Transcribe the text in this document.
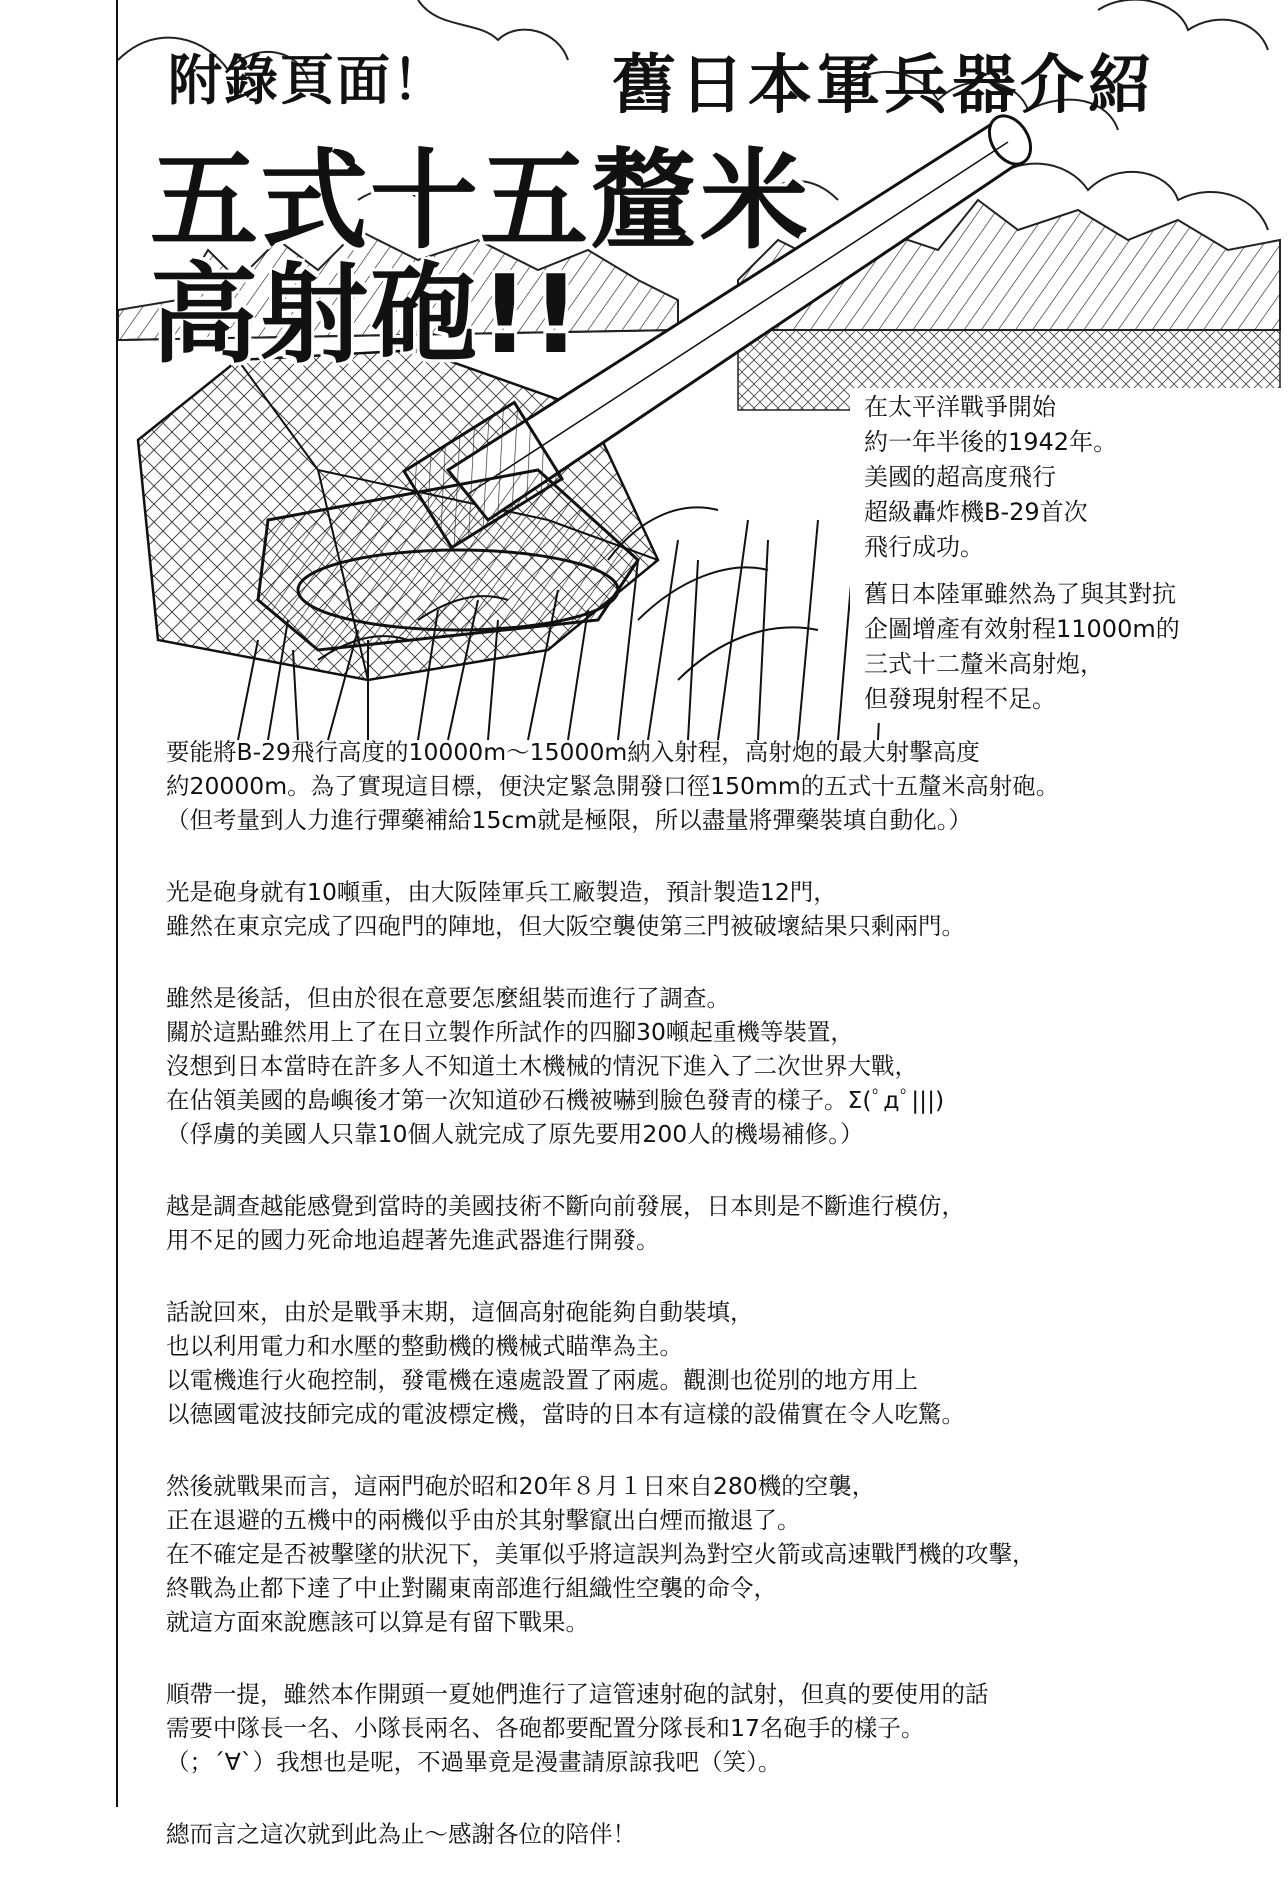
附錄頁面！	舊日本軍兵器介紹
五式十五釐米
高射砲!!
在太平洋戰爭開始
約一年半後的1942年。
美國的超高度飛行
超級轟炸機B-29首次
飛行成功。
舊日本陸軍雖然為了與其對抗
企圖增產有效射程11000m的
三式十二釐米高射炮，
但發現射程不足。
要能將B-29飛行高度的10000m～15000m納入射程，高射炮的最大射擊高度
約20000m。為了實現這目標，便決定緊急開發口徑150mm的五式十五釐米高射砲。
（但考量到人力進行彈藥補給15cm就是極限，所以盡量將彈藥裝填自動化。）
光是砲身就有10噸重，由大阪陸軍兵工廠製造，預計製造12門，
雖然在東京完成了四砲門的陣地，但大阪空襲使第三門被破壞結果只剩兩門。
雖然是後話，但由於很在意要怎麼組裝而進行了調查。
關於這點雖然用上了在日立製作所試作的四腳30噸起重機等裝置，
沒想到日本當時在許多人不知道土木機械的情況下進入了二次世界大戰，
在佔領美國的島嶼後才第一次知道砂石機被嚇到臉色發青的樣子。Σ(ﾟдﾟ|||)
（俘虜的美國人只靠10個人就完成了原先要用200人的機場補修。）
越是調查越能感覺到當時的美國技術不斷向前發展，日本則是不斷進行模仿，
用不足的國力死命地追趕著先進武器進行開發。
話說回來，由於是戰爭末期，這個高射砲能夠自動裝填，
也以利用電力和水壓的整動機的機械式瞄準為主。
以電機進行火砲控制，發電機在遠處設置了兩處。觀測也從別的地方用上
以德國電波技師完成的電波標定機，當時的日本有這樣的設備實在令人吃驚。
然後就戰果而言，這兩門砲於昭和20年８月１日來自280機的空襲，
正在退避的五機中的兩機似乎由於其射擊竄出白煙而撤退了。
在不確定是否被擊墜的狀況下，美軍似乎將這誤判為對空火箭或高速戰鬥機的攻擊，
終戰為止都下達了中止對關東南部進行組織性空襲的命令，
就這方面來說應該可以算是有留下戰果。
順帶一提，雖然本作開頭一夏她們進行了這管速射砲的試射，但真的要使用的話
需要中隊長一名、小隊長兩名、各砲都要配置分隊長和17名砲手的樣子。
（；´∀`）我想也是呢，不過畢竟是漫畫請原諒我吧（笑）。
總而言之這次就到此為止～感謝各位的陪伴！
